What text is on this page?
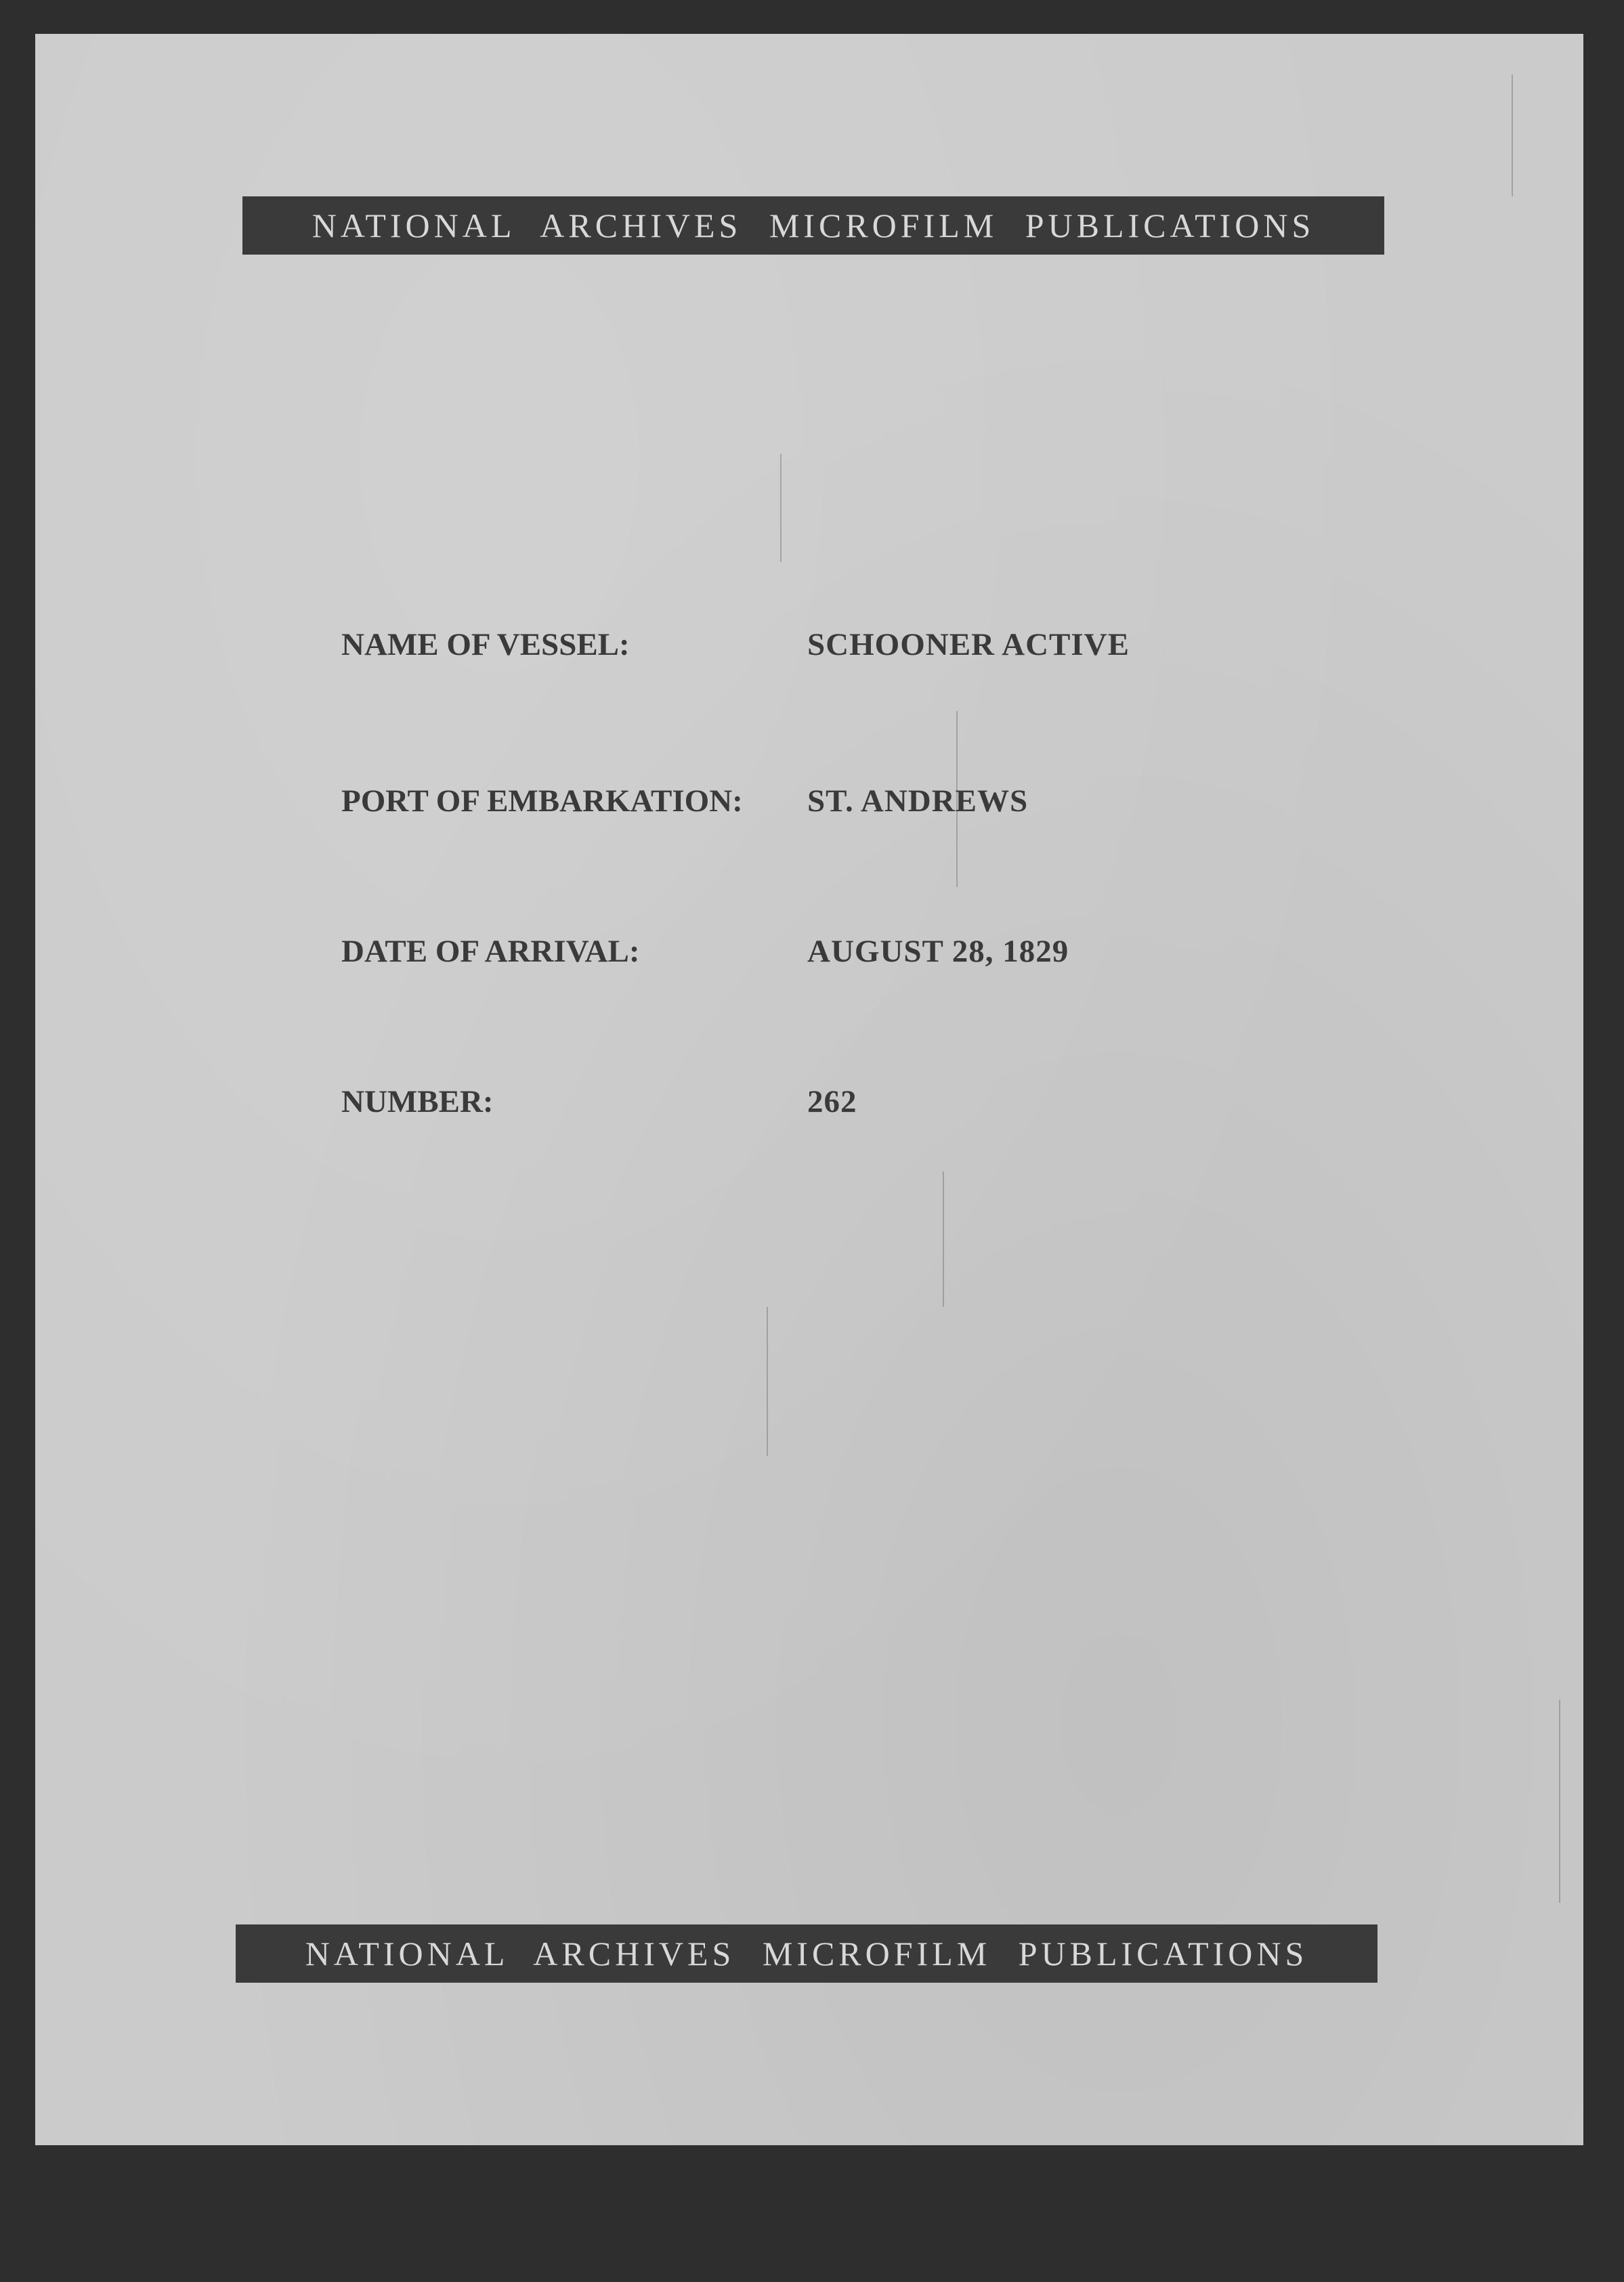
NATIONAL ARCHIVES MICROFILM PUBLICATIONS
NAME OF VESSEL:	SCHOONER ACTIVE
PORT OF EMBARKATION: ST. ANDREWS
DATE OF ARRIVAL:	AUGUST 28, 1829
NUMBER:	262
NATIONAL ARCHIVES MICROFILM PUBLICATIONS
